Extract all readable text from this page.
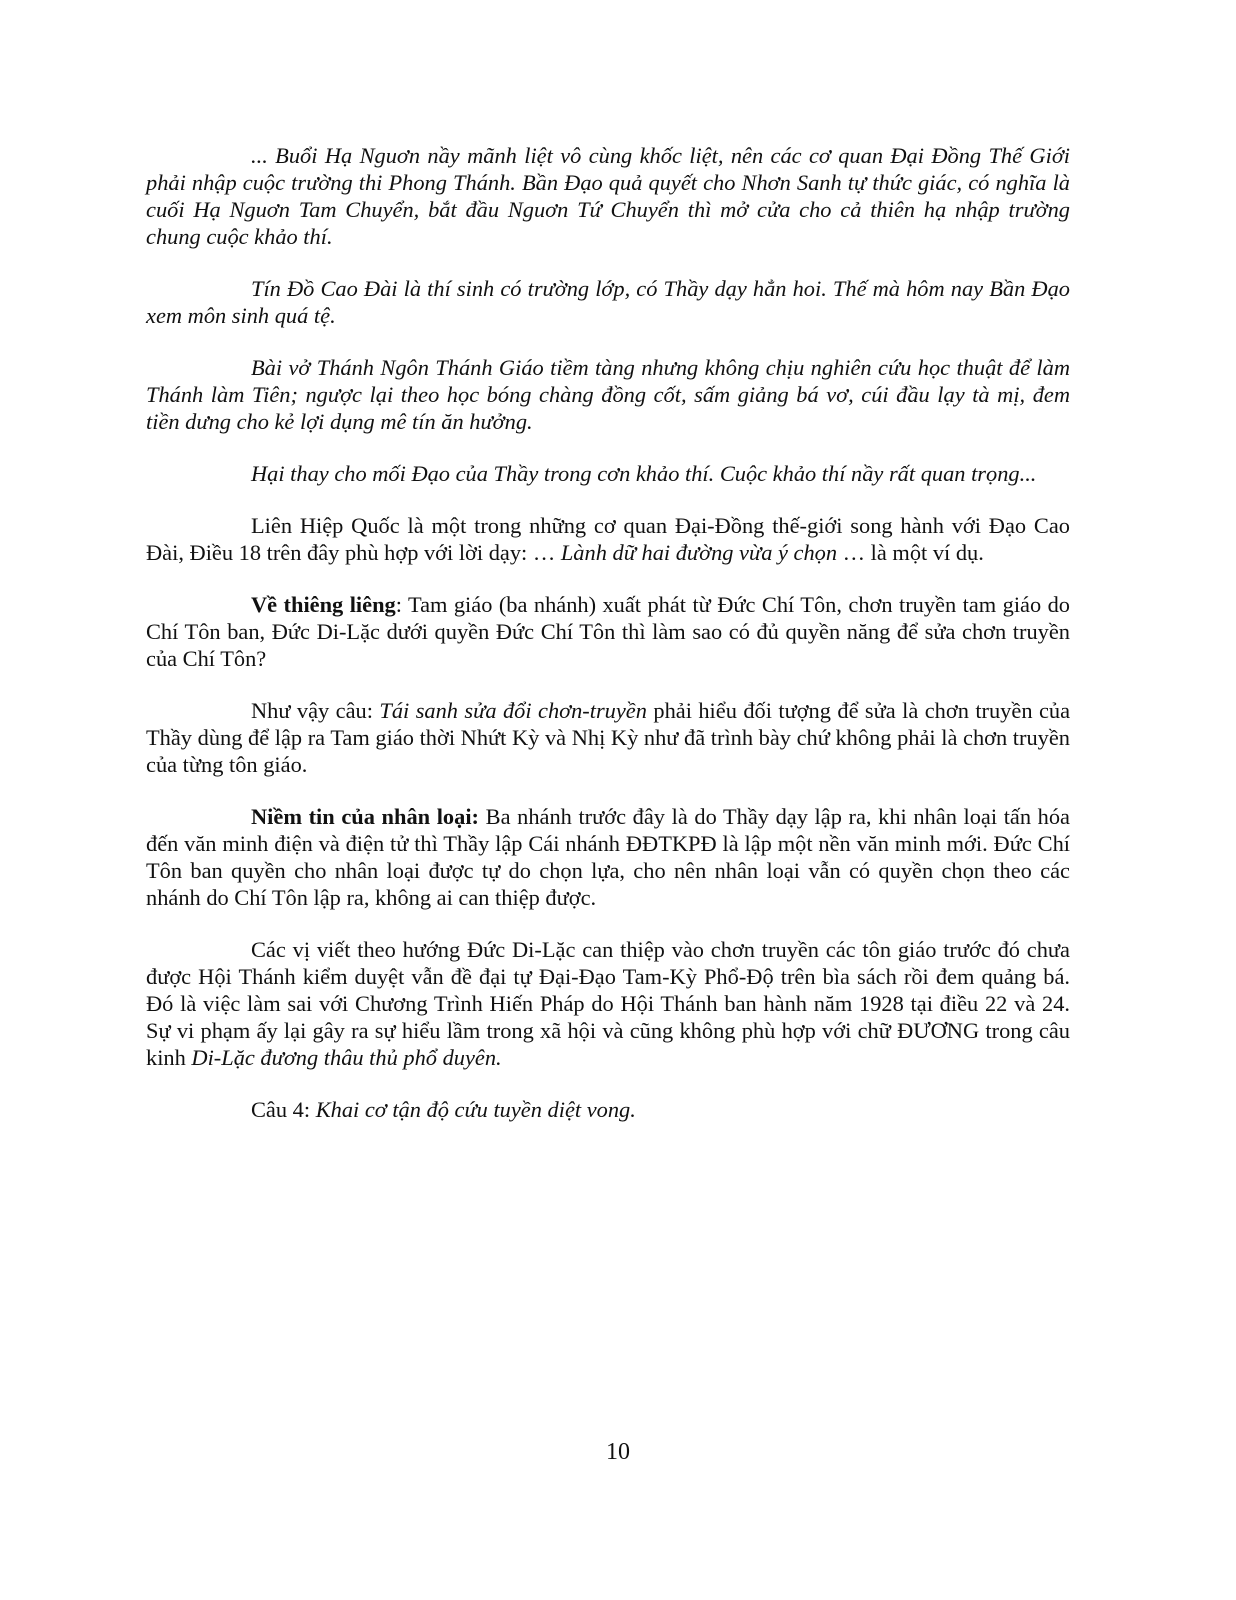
... Buổi Hạ Nguơn nầy mãnh liệt vô cùng khốc liệt, nên các cơ quan Đại Đồng Thế Giới phải nhập cuộc trường thi Phong Thánh. Bần Đạo quả quyết cho Nhơn Sanh tự thức giác, có nghĩa là cuối Hạ Nguơn Tam Chuyển, bắt đầu Nguơn Tứ Chuyển thì mở cửa cho cả thiên hạ nhập trường chung cuộc khảo thí.

Tín Đồ Cao Đài là thí sinh có trường lớp, có Thầy dạy hẳn hoi. Thế mà hôm nay Bần Đạo xem môn sinh quá tệ.

Bài vở Thánh Ngôn Thánh Giáo tiềm tàng nhưng không chịu nghiên cứu học thuật để làm Thánh làm Tiên; ngược lại theo học bóng chàng đồng cốt, sấm giảng bá vơ, cúi đầu lạy tà mị, đem tiền dưng cho kẻ lợi dụng mê tín ăn hưởng.

Hại thay cho mối Đạo của Thầy trong cơn khảo thí. Cuộc khảo thí nầy rất quan trọng...

Liên Hiệp Quốc là một trong những cơ quan Đại-Đồng thế-giới song hành với Đạo Cao Đài, Điều 18 trên đây phù hợp với lời dạy: … Lành dữ hai đường vừa ý chọn … là một ví dụ.

Về thiêng liêng: Tam giáo (ba nhánh) xuất phát từ Đức Chí Tôn, chơn truyền tam giáo do Chí Tôn ban, Đức Di-Lặc dưới quyền Đức Chí Tôn thì làm sao có đủ quyền năng để sửa chơn truyền của Chí Tôn?

Như vậy câu: Tái sanh sửa đổi chơn-truyền phải hiểu đối tượng để sửa là chơn truyền của Thầy dùng để lập ra Tam giáo thời Nhứt Kỳ và Nhị Kỳ như đã trình bày chứ không phải là chơn truyền của từng tôn giáo.

Niềm tin của nhân loại: Ba nhánh trước đây là do Thầy dạy lập ra, khi nhân loại tấn hóa đến văn minh điện và điện tử thì Thầy lập Cái nhánh ĐĐTKPĐ là lập một nền văn minh mới. Đức Chí Tôn ban quyền cho nhân loại được tự do chọn lựa, cho nên nhân loại vẫn có quyền chọn theo các nhánh do Chí Tôn lập ra, không ai can thiệp được.

Các vị viết theo hướng Đức Di-Lặc can thiệp vào chơn truyền các tôn giáo trước đó chưa được Hội Thánh kiểm duyệt vẫn đề đại tự Đại-Đạo Tam-Kỳ Phổ-Độ trên bìa sách rồi đem quảng bá. Đó là việc làm sai với Chương Trình Hiến Pháp do Hội Thánh ban hành năm 1928 tại điều 22 và 24. Sự vi phạm ấy lại gây ra sự hiểu lầm trong xã hội và cũng không phù hợp với chữ ĐƯƠNG trong câu kinh Di-Lặc đương thâu thủ phổ duyên.

Câu 4: Khai cơ tận độ cứu tuyền diệt vong.

10
